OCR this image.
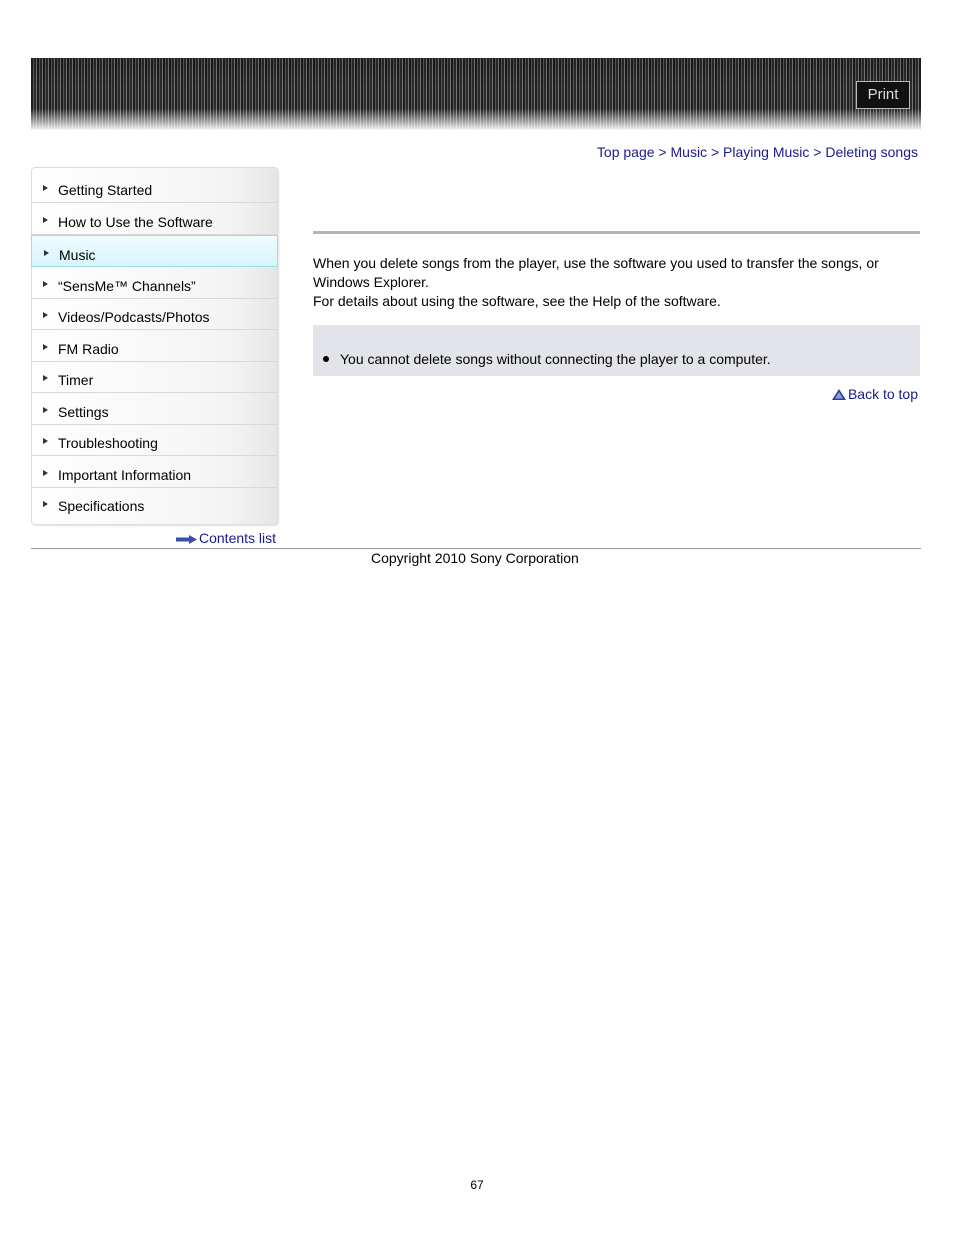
Print
Top page > Music > Playing Music > Deleting songs
Getting Started
How to Use the Software
Music
“SensMe™ Channels”
Videos/Podcasts/Photos
FM Radio
Timer
Settings
Troubleshooting
Important Information
Specifications
Contents list

When you delete songs from the player, use the software you used to transfer the songs, or Windows Explorer.

For details about using the software, see the Help of the software.

You cannot delete songs without connecting the player to a computer.
Back to top
Copyright 2010 Sony Corporation
67
